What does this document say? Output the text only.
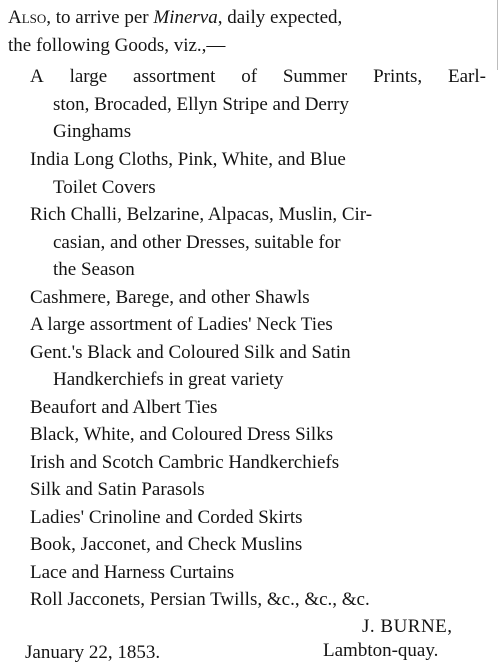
Also, to arrive per Minerva, daily expected,
the following Goods, viz.,—
A large assortment of Summer Prints, Earl-
ston, Brocaded, Ellyn Stripe and Derry
Ginghams
India Long Cloths, Pink, White, and Blue
Toilet Covers
Rich Challi, Belzarine, Alpacas, Muslin, Cir-
casian, and other Dresses, suitable for
the Season
Cashmere, Barege, and other Shawls
A large assortment of Ladies' Neck Ties
Gent.'s Black and Coloured Silk and Satin
Handkerchiefs in great variety
Beaufort and Albert Ties
Black, White, and Coloured Dress Silks
Irish and Scotch Cambric Handkerchiefs
Silk and Satin Parasols
Ladies' Crinoline and Corded Skirts
Book, Jacconet, and Check Muslins
Lace and Harness Curtains
Roll Jacconets, Persian Twills, &c., &c., &c.
J. BURNE,
Lambton-quay.
January 22, 1853.
